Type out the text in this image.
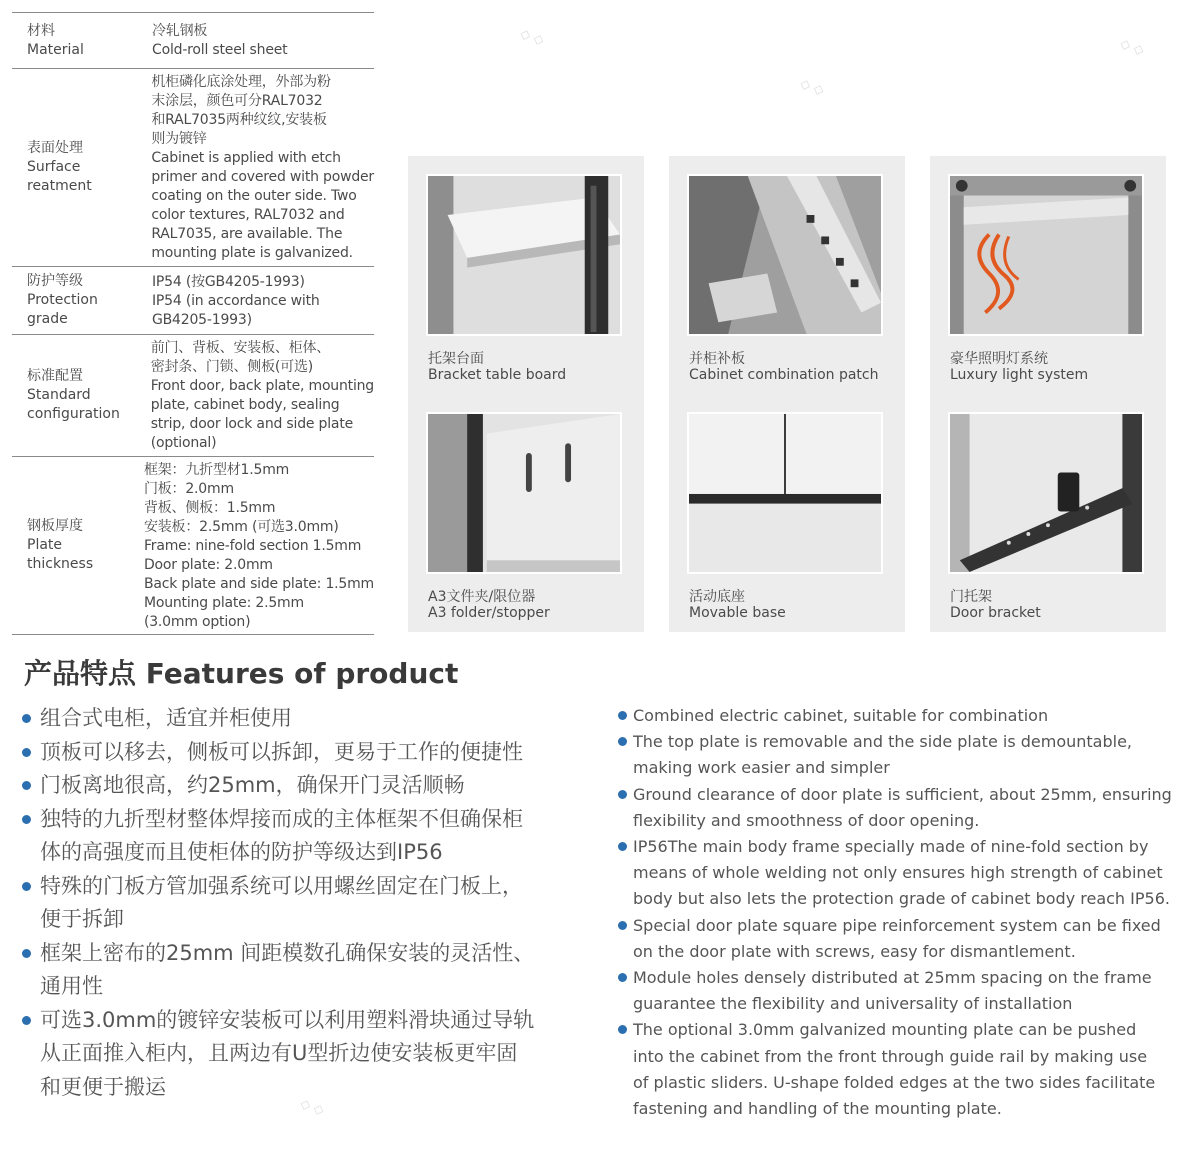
◇ ◇
◇ ◇
◇ ◇
◇ ◇
材料
Material
冷轧钢板
Cold-roll steel sheet
表面处理
Surface
reatment
机柜磷化底涂处理，外部为粉
末涂层，颜色可分RAL7032
和RAL7035两种纹纹,安装板
则为镀锌
Cabinet is applied with etch
primer and covered with powder
coating on the outer side. Two
color textures, RAL7032 and
RAL7035, are available. The
mounting plate is galvanized.
防护等级
Protection
grade
IP54 (按GB4205-1993)
IP54 (in accordance with
GB4205-1993)
标准配置
Standard
configuration
前门、背板、安装板、柜体、
密封条、门锁、侧板(可选)
Front door, back plate, mounting
plate, cabinet body, sealing
strip, door lock and side plate
(optional)
钢板厚度
Plate
thickness
框架：九折型材1.5mm
门板：2.0mm
背板、侧板：1.5mm
安装板：2.5mm (可选3.0mm)
Frame: nine-fold section 1.5mm
Door plate: 2.0mm
Back plate and side plate: 1.5mm
Mounting plate: 2.5mm
(3.0mm option)
托架台面
Bracket table board
A3文件夹/限位器
A3 folder/stopper
并柜补板
Cabinet combination patch
活动底座
Movable base
豪华照明灯系统
Luxury light system
门托架
Door bracket
产品特点 Features of product
组合式电柜，适宜并柜使用
顶板可以移去，侧板可以拆卸，更易于工作的便捷性
门板离地很高，约25mm，确保开门灵活顺畅
独特的九折型材整体焊接而成的主体框架不但确保柜
体的高强度而且使柜体的防护等级达到IP56
特殊的门板方管加强系统可以用螺丝固定在门板上，
便于拆卸
框架上密布的25mm 间距模数孔确保安装的灵活性、
通用性
可选3.0mm的镀锌安装板可以利用塑料滑块通过导轨
从正面推入柜内，且两边有U型折边使安装板更牢固
和更便于搬运
Combined electric cabinet, suitable for combination
The top plate is removable and the side plate is demountable,
making work easier and simpler
Ground clearance of door plate is sufficient, about 25mm, ensuring
flexibility and smoothness of door opening.
IP56The main body frame specially made of nine-fold section by
means of whole welding not only ensures high strength of cabinet
body but also lets the protection grade of cabinet body reach IP56.
Special door plate square pipe reinforcement system can be fixed
on the door plate with screws, easy for dismantlement.
Module holes densely distributed at 25mm spacing on the frame
guarantee the flexibility and universality of installation
The optional 3.0mm galvanized mounting plate can be pushed
into the cabinet from the front through guide rail by making use
of plastic sliders. U-shape folded edges at the two sides facilitate
fastening and handling of the mounting plate.
